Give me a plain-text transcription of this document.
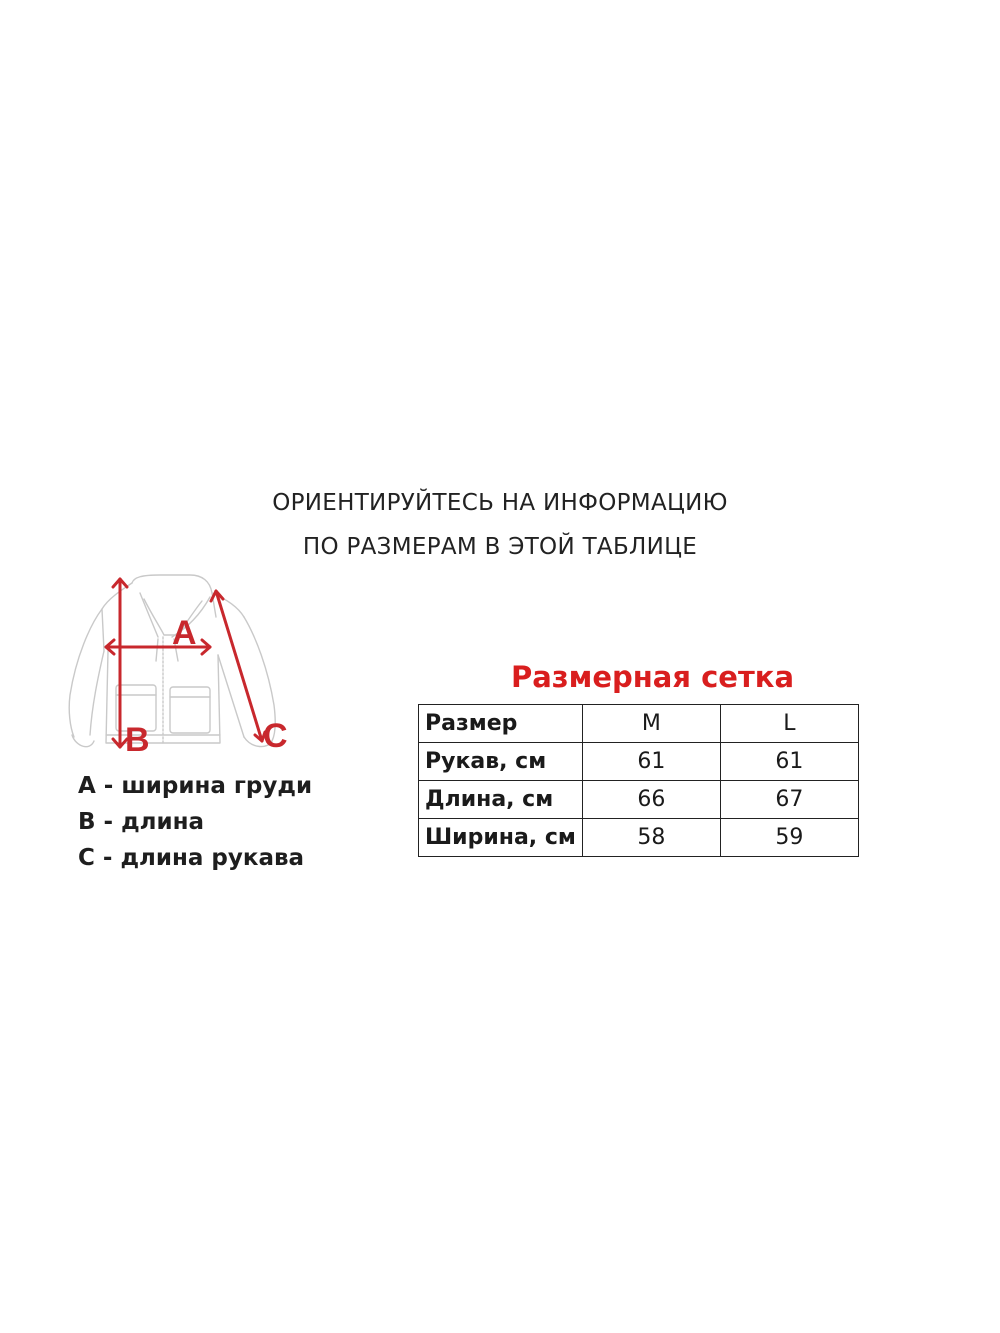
ОРИЕНТИРУЙТЕСЬ НА ИНФОРМАЦИЮ
ПО РАЗМЕРАМ В ЭТОЙ ТАБЛИЦЕ
A
B	C
A - ширина груди
B - длина
C - длина рукава
Размерная сетка
Размер	M	L
Рукав, см	61	61
Длина, см	66	67
Ширина, см	58	59
